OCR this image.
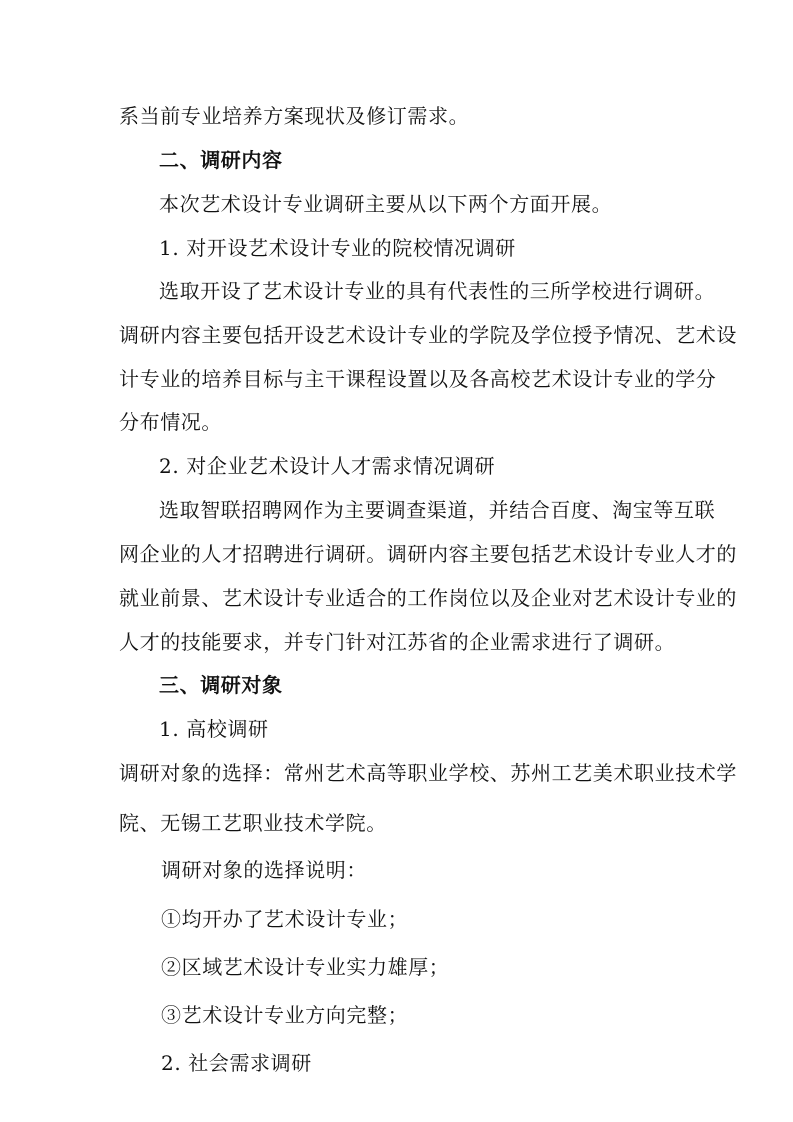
系当前专业培养方案现状及修订需求。
二、调研内容
本次艺术设计专业调研主要从以下两个方面开展。
1. 对开设艺术设计专业的院校情况调研
选取开设了艺术设计专业的具有代表性的三所学校进行调研。
调研内容主要包括开设艺术设计专业的学院及学位授予情况、艺术设
计专业的培养目标与主干课程设置以及各高校艺术设计专业的学分
分布情况。
2. 对企业艺术设计人才需求情况调研
选取智联招聘网作为主要调查渠道，并结合百度、淘宝等互联
网企业的人才招聘进行调研。调研内容主要包括艺术设计专业人才的
就业前景、艺术设计专业适合的工作岗位以及企业对艺术设计专业的
人才的技能要求，并专门针对江苏省的企业需求进行了调研。
三、调研对象
1. 高校调研
调研对象的选择：常州艺术高等职业学校、苏州工艺美术职业技术学
院、无锡工艺职业技术学院。
调研对象的选择说明：
①均开办了艺术设计专业；
②区域艺术设计专业实力雄厚；
③艺术设计专业方向完整；
2. 社会需求调研
